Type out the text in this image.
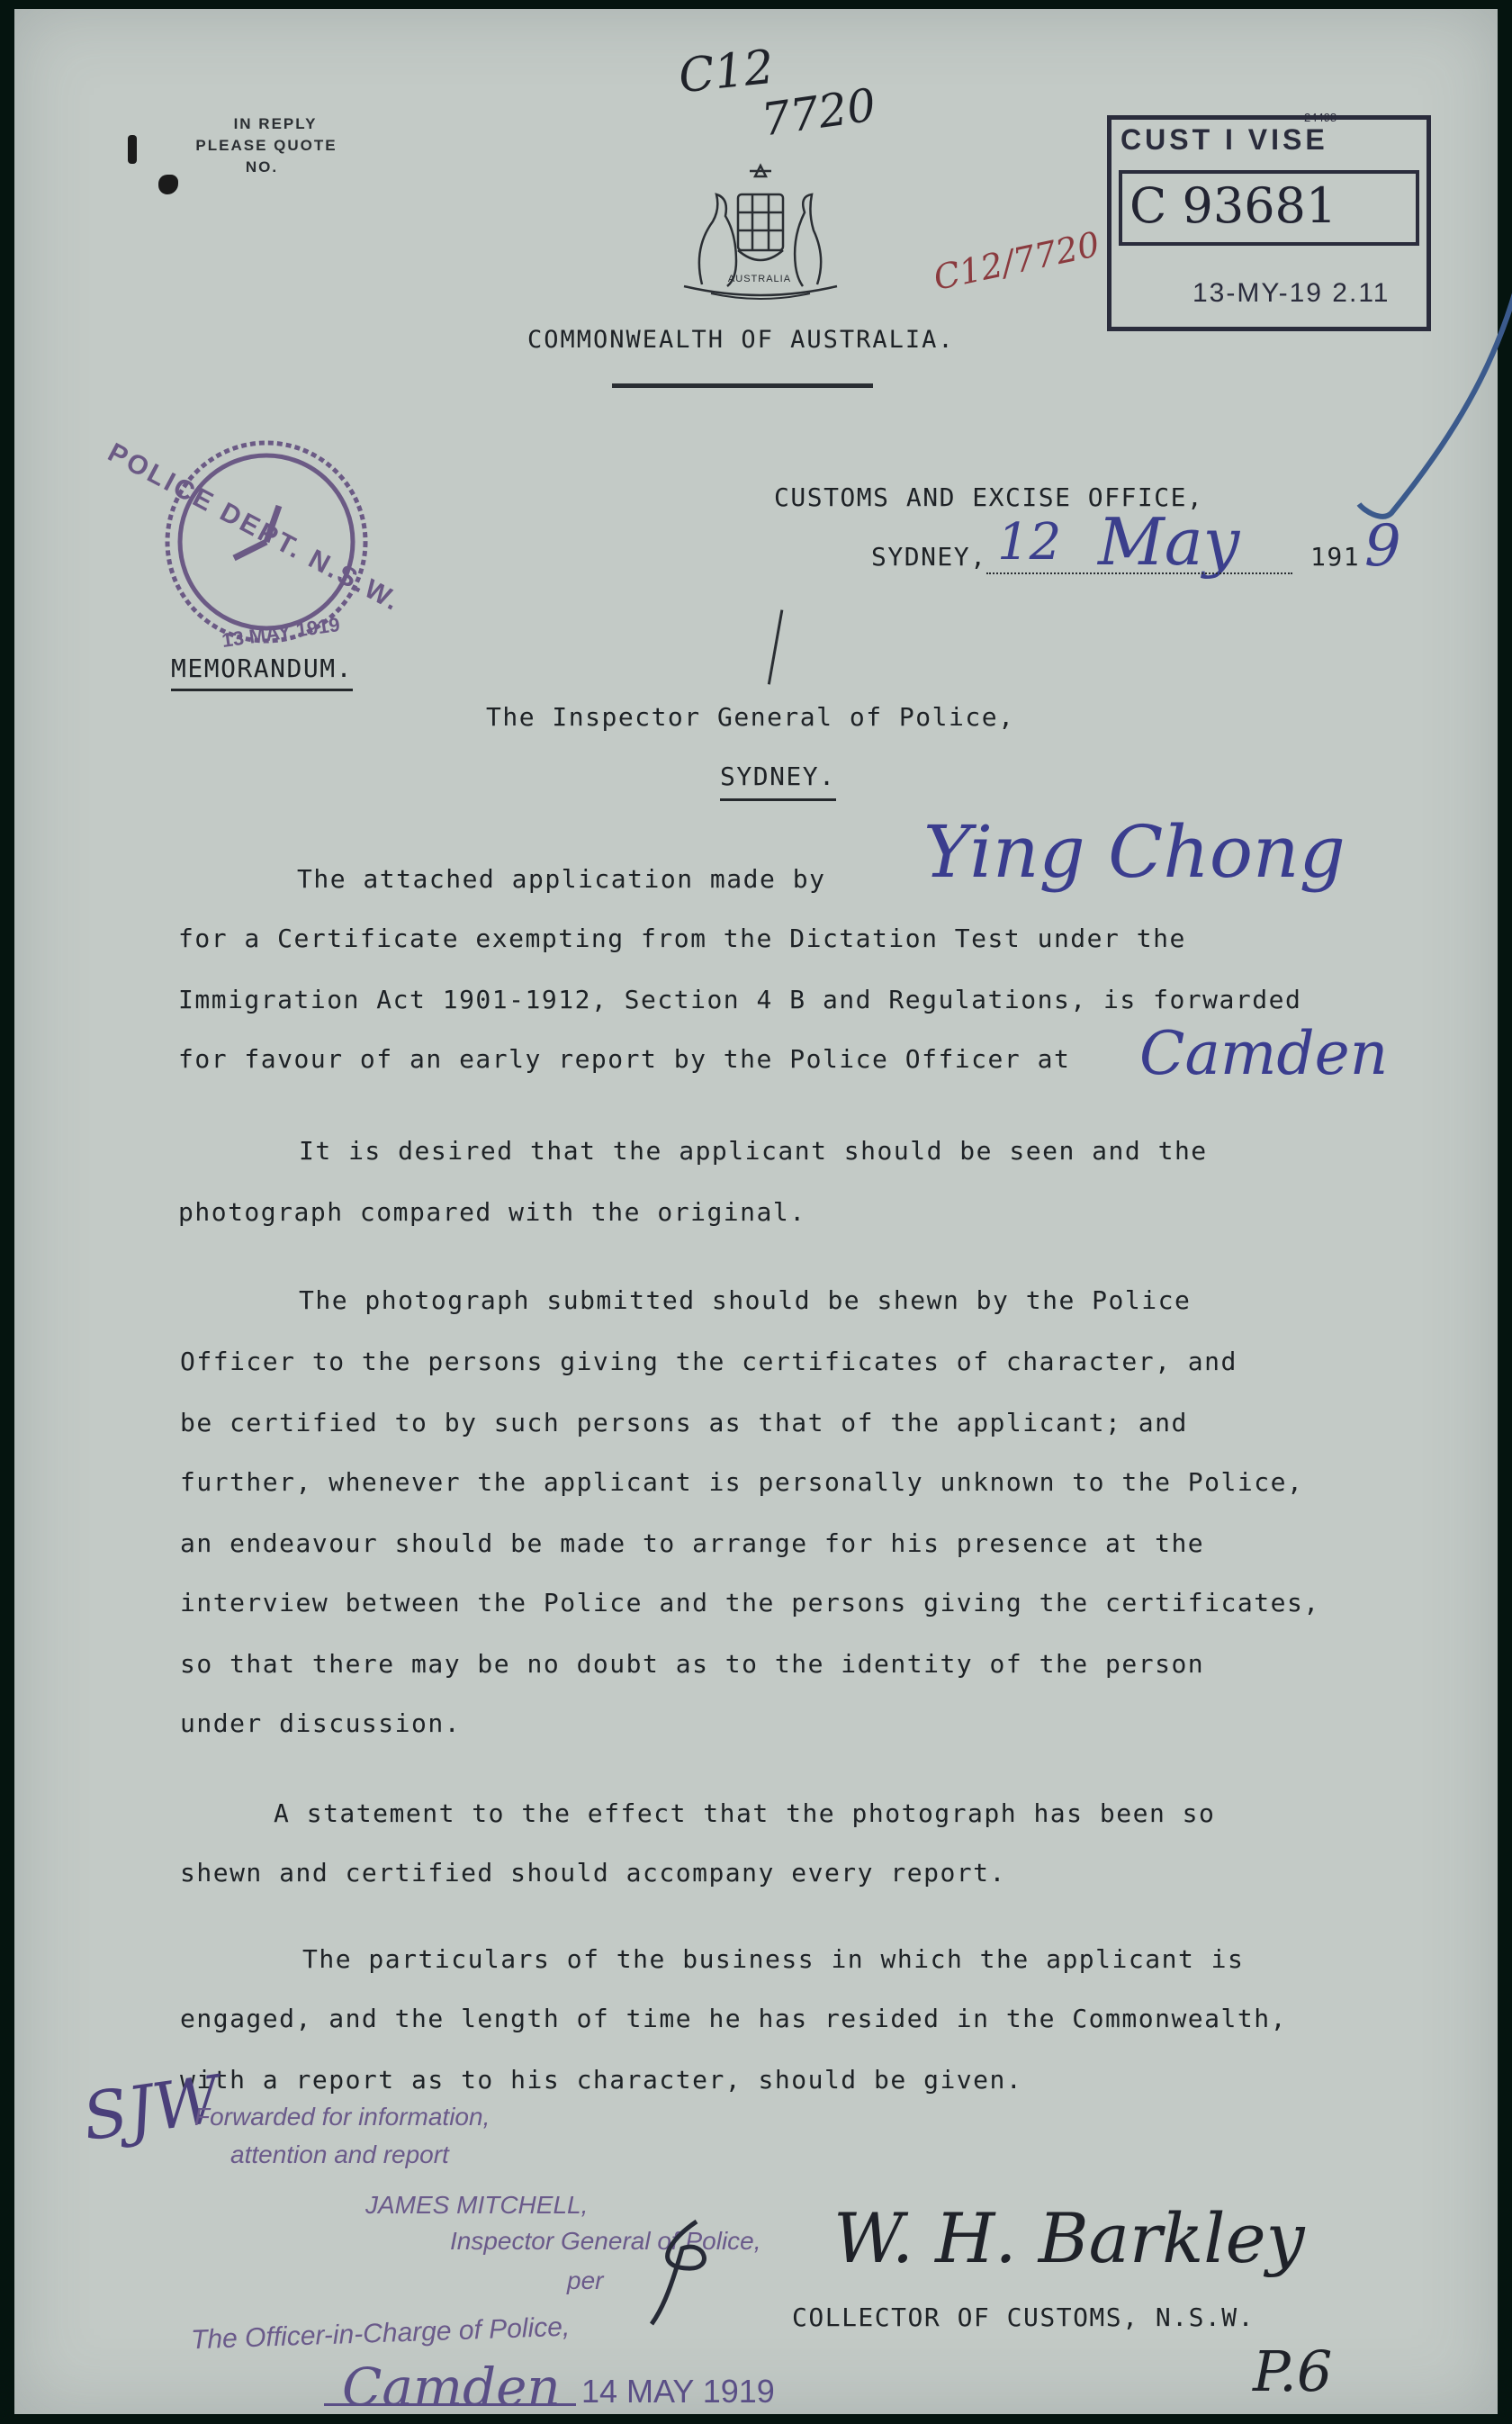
IN REPLY
PLEASE QUOTE
NO.
C12
7720
AUSTRALIA
COMMONWEALTH OF AUSTRALIA.
C12/7720
CUST I VISE
24498
C 93681
13-MY-19 2.11
POLICE DEPT. N.S.W.
13 MAY 1919
CUSTOMS AND EXCISE OFFICE,
SYDNEY, 12 May	191 9
MEMORANDUM.
The Inspector General of Police,
SYDNEY.
Ying Chong
Camden
The attached application made by
for a Certificate exempting from the Dictation Test under the
Immigration Act 1901-1912, Section 4 B and Regulations, is forwarded
for favour of an early report by the Police Officer at
It is desired that the applicant should be seen and the
photograph compared with the original.
The photograph submitted should be shewn by the Police
Officer to the persons giving the certificates of character, and
be certified to by such persons as that of the applicant; and
further, whenever the applicant is personally unknown to the Police,
an endeavour should be made to arrange for his presence at the
interview between the Police and the persons giving the certificates,
so that there may be no doubt as to the identity of the person
under discussion.
A statement to the effect that the photograph has been so
shewn and certified should accompany every report.
The particulars of the business in which the applicant is
engaged, and the length of time he has resided in the Commonwealth,
with a report as to his character, should be given.
SJW
Forwarded for information,
attention and report
JAMES MITCHELL,
Inspector General of Police,
per
The Officer-in-Charge of Police,
Camden 14 MAY 1919
W. H. Barkley
COLLECTOR OF CUSTOMS, N.S.W.
P.6
